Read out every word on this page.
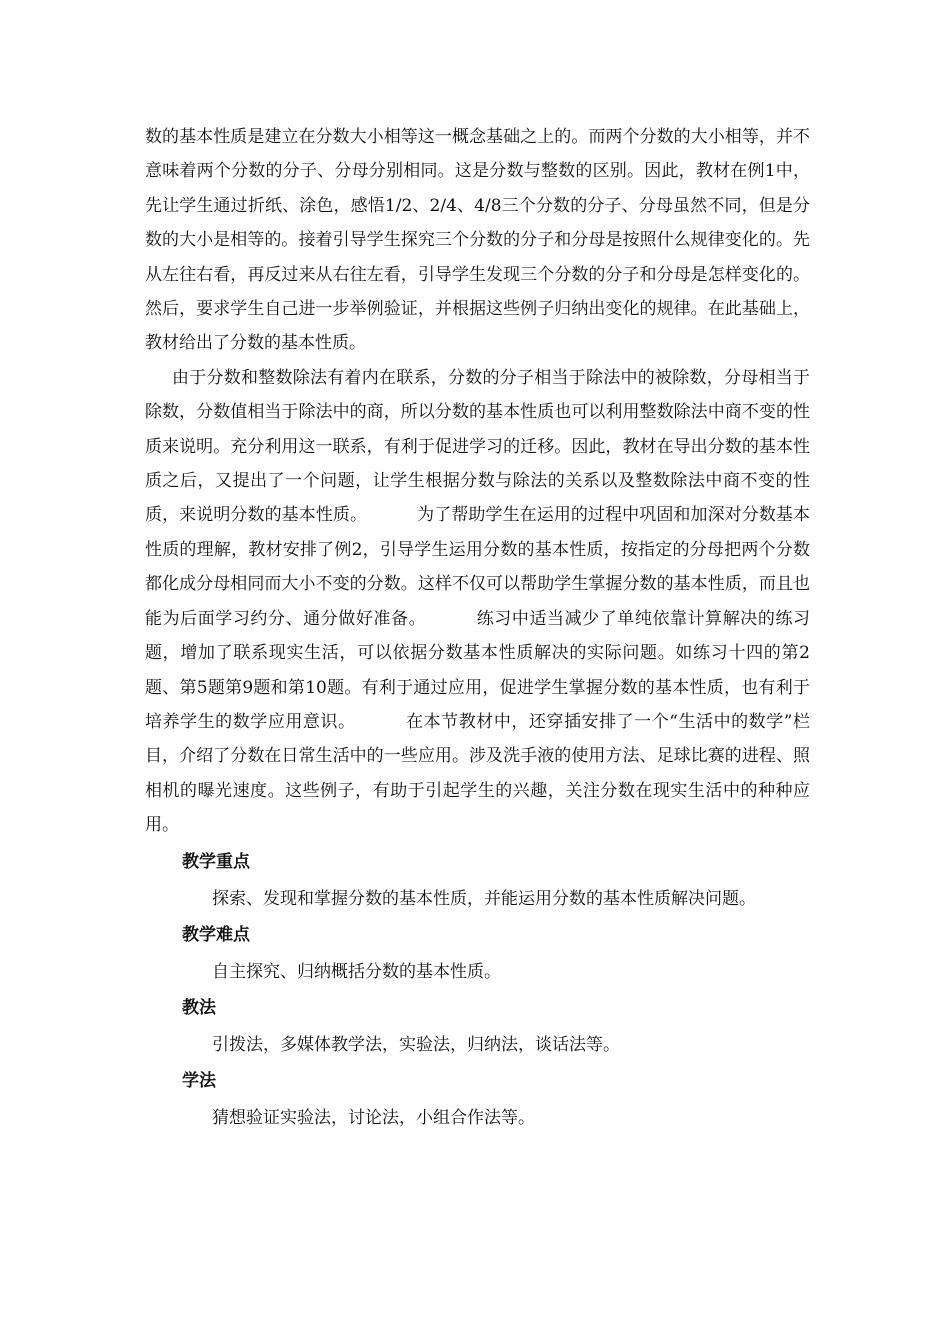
数的基本性质是建立在分数大小相等这一概念基础之上的。而两个分数的大小相等，并不意味着两个分数的分子、分母分别相同。这是分数与整数的区别。因此，教材在例1中，先让学生通过折纸、涂色，感悟1/2、2/4、4/8三个分数的分子、分母虽然不同，但是分数的大小是相等的。接着引导学生探究三个分数的分子和分母是按照什么规律变化的。先从左往右看，再反过来从右往左看，引导学生发现三个分数的分子和分母是怎样变化的。然后，要求学生自己进一步举例验证，并根据这些例子归纳出变化的规律。在此基础上，教材给出了分数的基本性质。

由于分数和整数除法有着内在联系，分数的分子相当于除法中的被除数，分母相当于除数，分数值相当于除法中的商，所以分数的基本性质也可以利用整数除法中商不变的性质来说明。充分利用这一联系，有利于促进学习的迁移。因此，教材在导出分数的基本性质之后，又提出了一个问题，让学生根据分数与除法的关系以及整数除法中商不变的性质，来说明分数的基本性质。	为了帮助学生在运用的过程中巩固和加深对分数基本性质的理解，教材安排了例2，引导学生运用分数的基本性质，按指定的分母把两个分数都化成分母相同而大小不变的分数。这样不仅可以帮助学生掌握分数的基本性质，而且也能为后面学习约分、通分做好准备。	练习中适当减少了单纯依靠计算解决的练习题，增加了联系现实生活，可以依据分数基本性质解决的实际问题。如练习十四的第2题、第5题第9题和第10题。有利于通过应用，促进学生掌握分数的基本性质，也有利于培养学生的数学应用意识。	在本节教材中，还穿插安排了一个“生活中的数学”栏目，介绍了分数在日常生活中的一些应用。涉及洗手液的使用方法、足球比赛的进程、照相机的曝光速度。这些例子，有助于引起学生的兴趣，关注分数在现实生活中的种种应用。

教学重点

探索、发现和掌握分数的基本性质，并能运用分数的基本性质解决问题。

教学难点

自主探究、归纳概括分数的基本性质。

教法

引拨法，多媒体教学法，实验法，归纳法，谈话法等。

学法

猜想验证实验法，讨论法，小组合作法等。
